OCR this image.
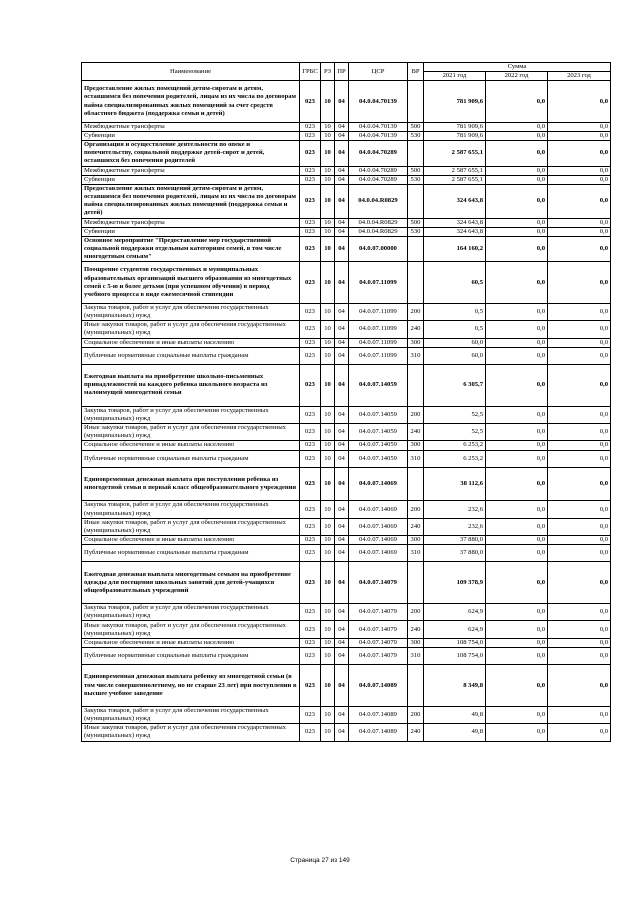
Наименование	ГРБС	РЗ	ПР	ЦСР	ВР	Сумма		
						2021 год	2022 год	2023 год
Предоставление жилых помещений детям-сиротам и детям, оставшимся без попечения родителей, лицам из их числа по договорам найма специализированных жилых помещений за счет средств областного бюджета (поддержка семьи и детей)	023	10	04	04.0.04.70139		781 909,6	0,0	0,0
Межбюджетные трансферты	023	10	04	04.0.04.70139	500	781 909,6	0,0	0,0
Субвенции	023	10	04	04.0.04.70139	530	781 909,6	0,0	0,0
Организация и осуществление деятельности по опеке и попечительству, социальной поддержке детей-сирот и детей, оставшихся без попечения родителей	023	10	04	04.0.04.70289		2 587 655,1	0,0	0,0
Межбюджетные трансферты	023	10	04	04.0.04.70289	500	2 587 655,1	0,0	0,0
Субвенции	023	10	04	04.0.04.70289	530	2 587 655,1	0,0	0,0
Предоставление жилых помещений детям-сиротам и детям, оставшимся без попечения родителей, лицам из их числа по договорам найма специализированных жилых помещений (поддержка семьи и детей)	023	10	04	04.0.04.R0829		324 643,8	0,0	0,0
Межбюджетные трансферты	023	10	04	04.0.04.R0829	500	324 643,8	0,0	0,0
Субвенции	023	10	04	04.0.04.R0829	530	324 643,8	0,0	0,0
Основное мероприятие "Предоставление мер государственной социальной поддержки отдельным категориям семей, в том числе многодетным семьям"	023	10	04	04.0.07.00000		164 160,2	0,0	0,0
Поощрение студентов государственных и муниципальных образовательных организаций высшего образования из многодетных семей с 5-ю и более детьми (при успешном обучении) в период учебного процесса в виде ежемесячной стипендии	023	10	04	04.0.07.11099		60,5	0,0	0,0
Закупка товаров, работ и услуг для обеспечения государственных (муниципальных) нужд	023	10	04	04.0.07.11099	200	0,5	0,0	0,0
Иные закупки товаров, работ и услуг для обеспечения государственных (муниципальных) нужд	023	10	04	04.0.07.11099	240	0,5	0,0	0,0
Социальное обеспечение и иные выплаты населению	023	10	04	04.0.07.11099	300	60,0	0,0	0,0
Публичные нормативные социальные выплаты гражданам	023	10	04	04.0.07.11099	310	60,0	0,0	0,0
Ежегодная выплата на приобретение школьно-письменных принадлежностей на каждого ребенка школьного возраста из малоимущей многодетной семьи	023	10	04	04.0.07.14059		6 305,7	0,0	0,0
Закупка товаров, работ и услуг для обеспечения государственных (муниципальных) нужд	023	10	04	04.0.07.14059	200	52,5	0,0	0,0
Иные закупки товаров, работ и услуг для обеспечения государственных (муниципальных) нужд	023	10	04	04.0.07.14059	240	52,5	0,0	0,0
Социальное обеспечение и иные выплаты населению	023	10	04	04.0.07.14059	300	6 253,2	0,0	0,0
Публичные нормативные социальные выплаты гражданам	023	10	04	04.0.07.14059	310	6 253,2	0,0	0,0
Единовременная денежная выплата при поступлении ребенка из многодетной семьи в первый класс общеобразовательного учреждения	023	10	04	04.0.07.14069		38 112,6	0,0	0,0
Закупка товаров, работ и услуг для обеспечения государственных (муниципальных) нужд	023	10	04	04.0.07.14069	200	232,6	0,0	0,0
Иные закупки товаров, работ и услуг для обеспечения государственных (муниципальных) нужд	023	10	04	04.0.07.14069	240	232,6	0,0	0,0
Социальное обеспечение и иные выплаты населению	023	10	04	04.0.07.14069	300	37 880,0	0,0	0,0
Публичные нормативные социальные выплаты гражданам	023	10	04	04.0.07.14069	310	37 880,0	0,0	0,0
Ежегодная денежная выплата многодетным семьям на приобретение одежды для посещения школьных занятий для детей-учащихся общеобразовательных учреждений	023	10	04	04.0.07.14079		109 378,9	0,0	0,0
Закупка товаров, работ и услуг для обеспечения государственных (муниципальных) нужд	023	10	04	04.0.07.14079	200	624,9	0,0	0,0
Иные закупки товаров, работ и услуг для обеспечения государственных (муниципальных) нужд	023	10	04	04.0.07.14079	240	624,9	0,0	0,0
Социальное обеспечение и иные выплаты населению	023	10	04	04.0.07.14079	300	108 754,0	0,0	0,0
Публичные нормативные социальные выплаты гражданам	023	10	04	04.0.07.14079	310	108 754,0	0,0	0,0
Единовременная денежная выплата ребенку из многодетной семьи (в том числе совершеннолетнему, но не старше 23 лет) при поступлении в высшее учебное заведение	023	10	04	04.0.07.14089		8 349,8	0,0	0,0
Закупка товаров, работ и услуг для обеспечения государственных (муниципальных) нужд	023	10	04	04.0.07.14089	200	49,8	0,0	0,0
Иные закупки товаров, работ и услуг для обеспечения государственных (муниципальных) нужд	023	10	04	04.0.07.14089	240	49,8	0,0	0,0
Страница 27 из 149
